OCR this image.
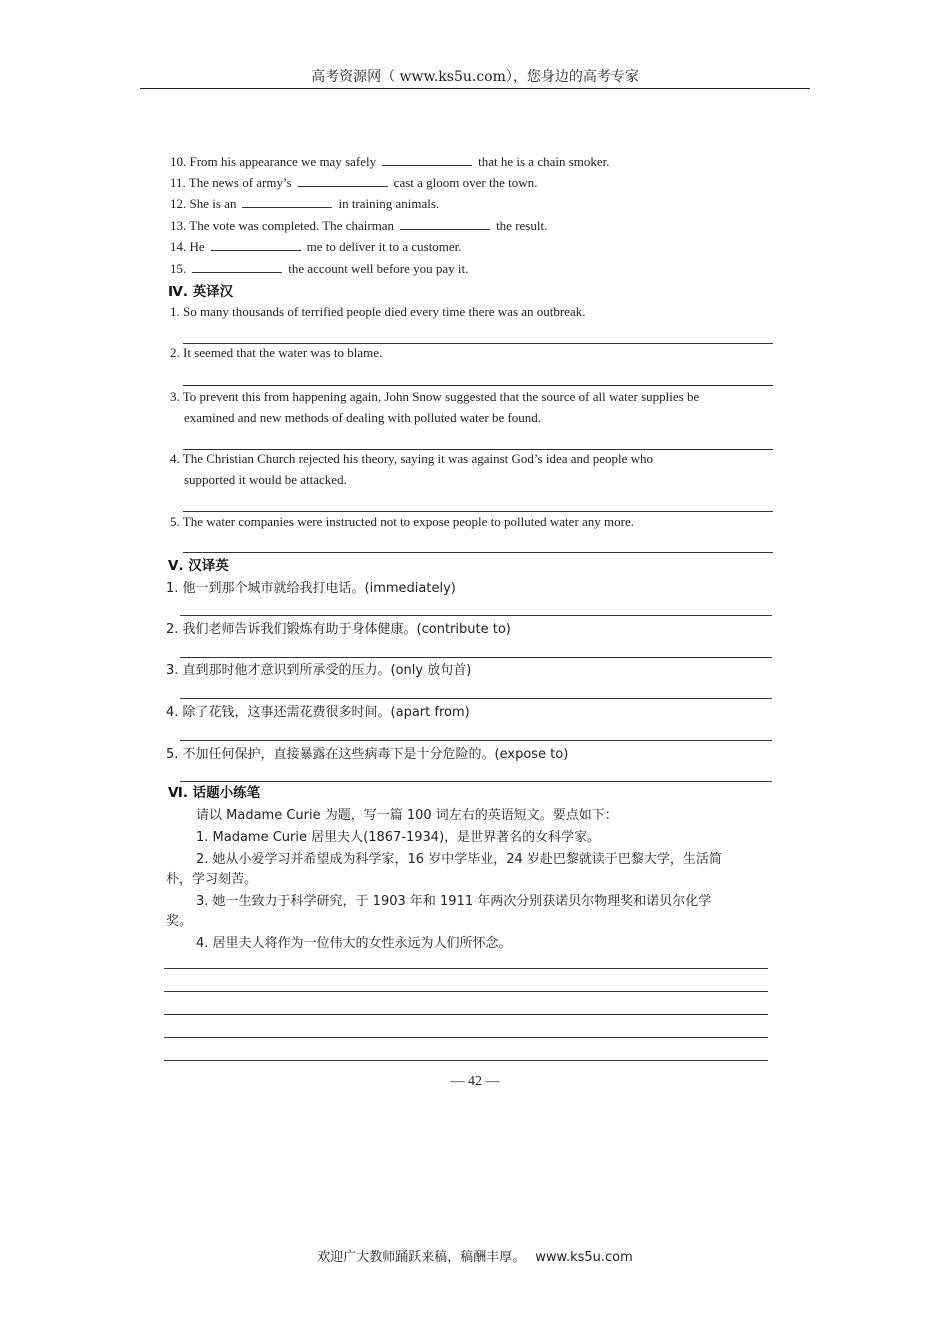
高考资源网（ www.ks5u.com），您身边的高考专家
10. From his appearance we may safely	that he is a chain smoker.
11. The news of army’s	cast a gloom over the town.
12. She is an	in training animals.
13. The vote was completed. The chairman	the result.
14. He	me to deliver it to a customer.
15.	the account well before you pay it.
Ⅳ. 英译汉
1. So many thousands of terrified people died every time there was an outbreak.
2. It seemed that the water was to blame.
3. To prevent this from happening again, John Snow suggested that the source of all water supplies be
examined and new methods of dealing with polluted water be found.
4. The Christian Church rejected his theory, saying it was against God’s idea and people who
supported it would be attacked.
5. The water companies were instructed not to expose people to polluted water any more.
Ⅴ. 汉译英
1. 他一到那个城市就给我打电话。(immediately)
2. 我们老师告诉我们锻炼有助于身体健康。(contribute to)
3. 直到那时他才意识到所承受的压力。(only 放句首)
4. 除了花钱，这事还需花费很多时间。(apart from)
5. 不加任何保护，直接暴露在这些病毒下是十分危险的。(expose to)
Ⅵ. 话题小练笔
请以 Madame Curie 为题，写一篇 100 词左右的英语短文。要点如下：
1. Madame Curie 居里夫人(1867-1934)，是世界著名的女科学家。
2. 她从小爱学习并希望成为科学家，16 岁中学毕业，24 岁赴巴黎就读于巴黎大学，生活简
朴，学习刻苦。
3. 她一生致力于科学研究，于 1903 年和 1911 年两次分别获诺贝尔物理奖和诺贝尔化学
奖。
4. 居里夫人将作为一位伟大的女性永远为人们所怀念。
— 42 —
欢迎广大教师踊跃来稿，稿酬丰厚。 www.ks5u.com
